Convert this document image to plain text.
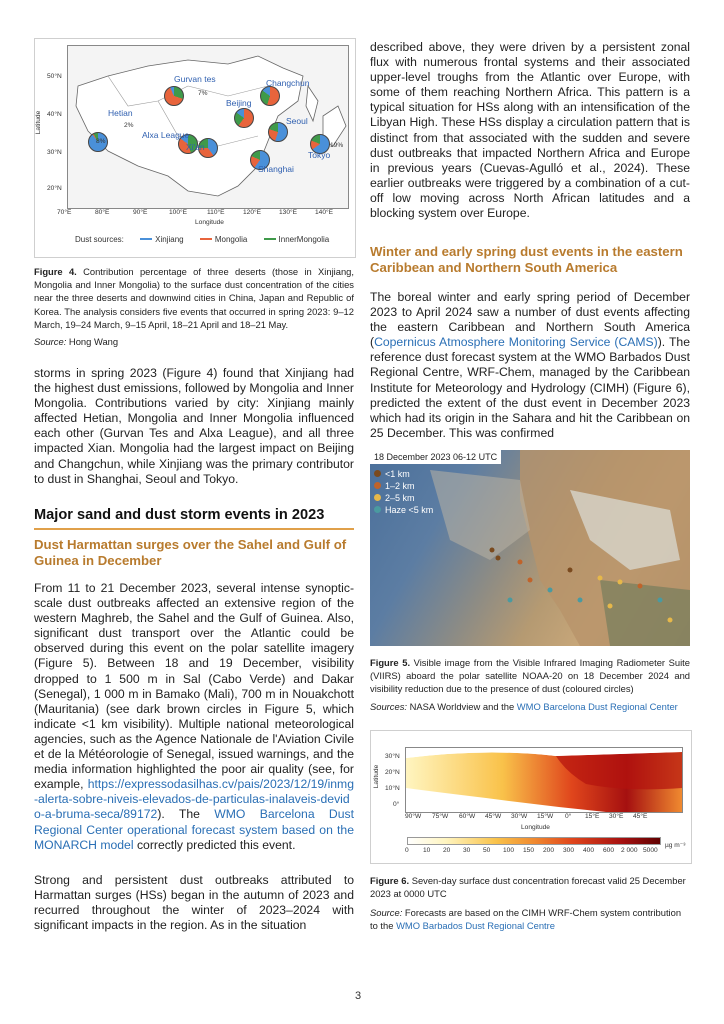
Gurvan tes	Changchun
Beijing
Hetian
Seoul
Alxa League
Xi'an
Tokyo
Shanghai
7%
2%
8%
19%
50°N
40°N
30°N
20°N
Latitude
70°E	80°E	90°E	100°E	110°E	120°E	130°E	140°E
Longitude
Dust sources:	Xinjiang	Mongolia	InnerMongolia
Figure 4. Contribution percentage of three deserts (those in Xinjiang, Mongolia and Inner Mongolia) to the surface dust concentration of the cities near the three deserts and downwind cities in China, Japan and Republic of Korea. The analysis considers five events that occurred in spring 2023: 9–12 March, 19–24 March, 9–15 April, 18–21 April and 18–21 May.
Source: Hong Wang

storms in spring 2023 (Figure 4) found that Xinjiang had the highest dust emissions, followed by Mongolia and Inner Mongolia. Contributions varied by city: Xinjiang mainly affected Hetian, Mongolia and Inner Mongolia influenced each other (Gurvan Tes and Alxa League), and all three impacted Xian. Mongolia had the largest impact on Beijing and Changchun, while Xinjiang was the primary contributor to dust in Shanghai, Seoul and Tokyo.

Major sand and dust storm events in 2023
Dust Harmattan surges over the Sahel and Gulf of Guinea in December

From 11 to 21 December 2023, several intense synoptic-scale dust outbreaks affected an extensive region of the western Maghreb, the Sahel and the Gulf of Guinea. Also, significant dust transport over the Atlantic could be observed during this event on the polar satellite imagery (Figure 5). Between 18 and 19 December, visibility dropped to 1 500 m in Sal (Cabo Verde) and Dakar (Senegal), 1 000 m in Bamako (Mali), 700 m in Nouakchott (Mauritania) (see dark brown circles in Figure 5, which indicate <1 km visibility). Multiple national meteorological agencies, such as the Agence Nationale de l'Aviation Civile et de la Météorologie of Senegal, issued warnings, and the media information highlighted the poor air quality (see, for example, https://expressodasilhas.cv/pais/2023/12/19/inmg-alerta-sobre-niveis-elevados-de-particulas-inalaveis-devido-a-bruma-seca/89172). The WMO Barcelona Dust Regional Center operational forecast system based on the MONARCH model correctly predicted this event.

Strong and persistent dust outbreaks attributed to Harmattan surges (HSs) began in the autumn of 2023 and recurred throughout the winter of 2023–2024 with significant impacts in the region. As in the situation

described above, they were driven by a persistent zonal flux with numerous frontal systems and their associated upper-level troughs from the Atlantic over Europe, with some of them reaching Northern Africa. This pattern is a typical situation for HSs along with an intensification of the Libyan High. These HSs display a circulation pattern that is distinct from that associated with the sudden and severe dust outbreaks that impacted Northern Africa and Europe in previous years (Cuevas-Agulló et al., 2024). These earlier outbreaks were triggered by a combination of a cut-off low moving across North African latitudes and a blocking system over Europe.

Winter and early spring dust events in the eastern Caribbean and Northern South America

The boreal winter and early spring period of December 2023 to April 2024 saw a number of dust events affecting the eastern Caribbean and Northern South America (Copernicus Atmosphere Monitoring Service (CAMS)). The reference dust forecast system at the WMO Barbados Dust Regional Centre, WRF-Chem, managed by the Caribbean Institute for Meteorology and Hydrology (CIMH) (Figure 6), predicted the extent of the dust event in December 2023 which had its origin in the Sahara and hit the Caribbean on 25 December. This was confirmed

18 December 2023 06-12 UTC
<1 km
1–2 km
2–5 km
Haze <5 km
Figure 5. Visible image from the Visible Infrared Imaging Radiometer Suite (VIIRS) aboard the polar satellite NOAA-20 on 18 December 2024 and visibility reduction due to the presence of dust (coloured circles)
Sources: NASA Worldview and the WMO Barcelona Dust Regional Center
30°N
20°N
10°N
0°
Latitude
90°W 75°W 60°W 45°W 30°W 15°W 0° 15°E 30°E 45°E
Longitude
0 10 20 30 50 100 150 200 300 400 600 2 000 5000
µg m⁻³
Figure 6. Seven-day surface dust concentration forecast valid 25 December 2023 at 0000 UTC
Source: Forecasts are based on the CIMH WRF-Chem system contribution to the WMO Barbados Dust Regional Centre
3
